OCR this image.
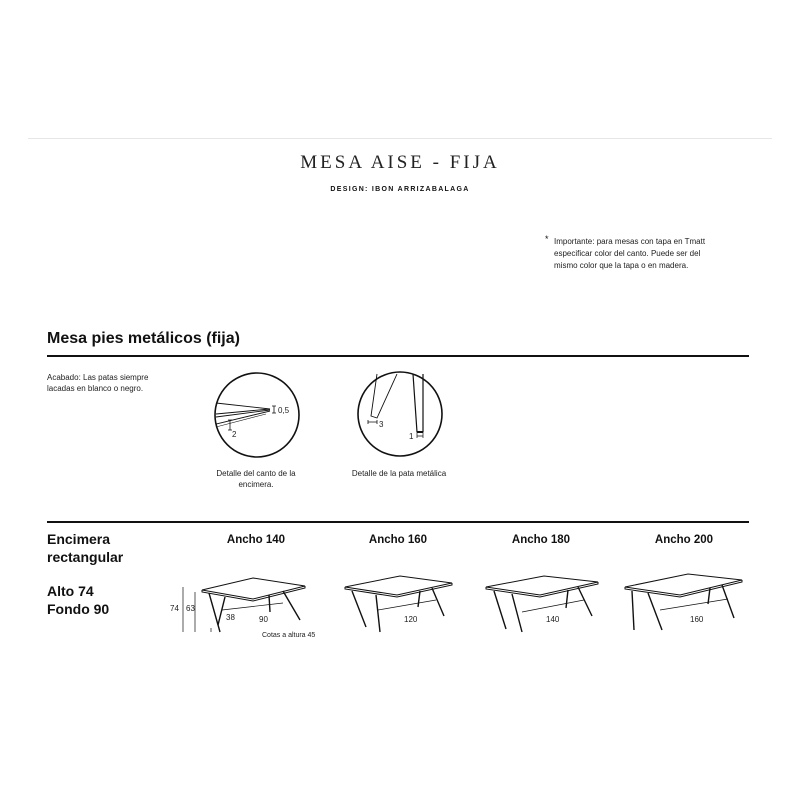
MESA AISE - FIJA
DESIGN: IBON ARRIZABALAGA
* Importante: para mesas con tapa en Tmatt especificar color del canto. Puede ser del mismo color que la tapa o en madera.
Mesa pies metálicos (fija)
Acabado: Las patas siempre lacadas en blanco o negro.
0,5
2
Detalle del canto de la encimera.
3
1
Detalle de la pata metálica
Encimera rectangular
Alto 74
Fondo 90
Ancho 140	Ancho 160	Ancho 180	Ancho 200
74 63
38	90	120	140	160
Cotas a altura 45
